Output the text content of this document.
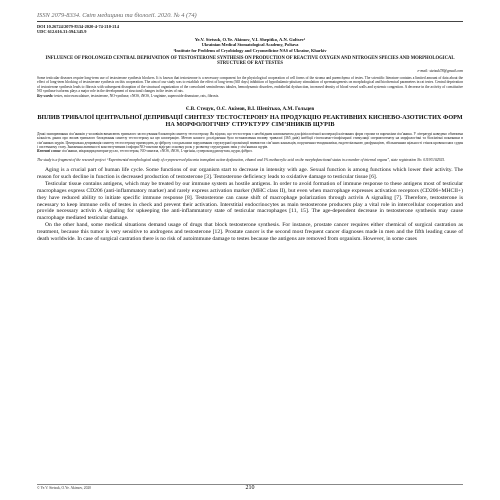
ISSN 2079-8334. Світ медицини та біології. 2020. № 4 (74)
DOI 10.26724/2079-8334-2020-4-74-210-214
UDC 612.616.31:594.345.9
Ye.V. Stetsuk, O.Ye. Akimov, V.I. Shepitko, A.N. Goltsev¹
Ukrainian Medical Stomatological Academy, Poltava
¹Institute for Problems of Cryobiology and Cryomedicine NAS of Ukraine, Kharkiv
INFLUENCE OF PROLONGED CENTRAL DEPRIVATION OF TESTOSTERONE SYNTHESIS ON PRODUCTION OF REACTIVE OXYGEN AND NITROGEN SPECIES AND MORPHOLOGICAL STRUCTURE OF RAT TESTES
e-mail: stetsuk78@gmail.com
Some testicular diseases require long-term use of testosterone synthesis blockers. It is known that testosterone is a necessary component for the physiological cooperation of cell forms of the stroma and parenchyma of testes. The scientific literature contains a limited amount of data about the effect of long-term blocking of testosterone synthesis on this cooperation. The aim of our study was to establish the effect of long-term (365 days) inhibition of hypothalamic-pituitary stimulation of spermatogenesis on morphological and biochemical parameters in rat testes. Central deprivation of testosterone synthesis leads to fibrosis with subsequent disruption of the structural organization of the convoluted seminiferous tubules, hemodynamic disorders, endothelial dysfunction, increased density of blood vessel walls and systemic congestion. A decrease in the activity of constitutive NO synthase isoforms plays a major role in the development of structural changes in the testes of rats.
Key words: testes, microvasculature, testosterone, NO-synthase, cNOS, iNOS, L-arginine, superoxide dismutase, rats, fibrosis.
Є.В. Стецук, О.Є. Акімов, В.І. Шепітько, А.М. Гольцев
ВПЛИВ ТРИВАЛОЇ ЦЕНТРАЛЬНОЇ ДЕПРИВАЦІЇ СИНТЕЗУ ТЕСТОСТЕРОНУ НА ПРОДУКЦІЮ РЕАКТИВНИХ КИСНЕВО-АЗОТИСТИХ ФОРМ НА МОРФОЛОГІЧНУ СТРУКТУРУ СІМ’ЯНИКІВ ЩУРІВ
Деякі захворювання сім’яників у чоловіків вимагають тривалого застосування блокаторів синтезу тестостерону. Як відомо, що тестостерон є необхідним компонентом для фізіологічної кооперації клітинних форм строми та паренхіми сім’яника. У літературі наведено обмежена кількість даних про вплив тривалого блокування синтезу тестостерону на цю кооперацію. Метою нашого дослідження було встановлення впливу тривалої (365 днів) інгібіції гіпоталамо-гіпофізарної стимуляції сперматогенезу на морфологічні та біохімічні показники в сім’яниках щурів. Центральна депривація синтезу тестостерону призводить до фіброзу з подальшим порушенням структурної організації звивистих сім’яних канальців, порушення гемодинаміки, ендотеліальною дисфункцією, збільшенням щільності стінок кровоносних судин і системному стазу. Зниження активності конститутивних ізоформ NO-синтази відіграє основну роль у розвитку структурних змін у сім’яниках щурів.
Ключові слова: сім’яники, мікроциркуляторне русло, тестостерон, NO-синтаза, cNOS, iNOS, L-аргінін, супероксиддисмутаза, щури, фіброз.
The study is a fragment of the research project “Experimental morphological study of cryopreserved placenta transplant action dysfunction, ethanol and 1% methacrylic acid on the morphofunctional status in a number of internal organs”, state registration No. 0119U102925.

Aging is a crucial part of human life cycle. Some functions of our organism start to decrease in intensity with age. Sexual function is among functions which lower their activity. The reason for such decline in function is decreased production of testosterone [3]. Testosterone deficiency leads to oxidative damage to testicular tissue [6].

Testicular tissue contains antigens, which may be treated by our immune system as hostile antigens. In order to avoid formation of immune response to these antigens most of testicular macrophages express CD206 (anti-inflammatory marker) and rarely express activation marker (MHC class II), but even when macrophage expresses activation receptors (CD206+MHCII+) they have reduced ability to initiate specific immune response [8]. Testosterone can cause shift of macrophage polarization through activin A signaling [7]. Therefore, testosterone is necessary to keep immune cells of testes in check and prevent their activation. Interstitial endocrinocytes as main testosterone producers play a vital role in intercellular cooperation and provide necessary activin A signaling for upkeeping the anti-inflammatory state of testicular macrophages [11, 15]. The age-dependent decrease in testosterone synthesis may cause macrophage mediated testicular damage.

On the other hand, some medical situations demand usage of drugs that block testosterone synthesis. For instance, prostate cancer requires either chemical of surgical castration as treatment, because this tumor is very sensitive to androgens and testosterone [12]. Prostate cancer is the second most frequent cancer diagnoses made in men and the fifth leading cause of death worldwide. In case of surgical castration there is no risk of autoimmune damage to testes because the antigens are removed from organism. However, in some cases

© Ye.V. Stetsuk, O.Ye. Akimov, 2020	210
